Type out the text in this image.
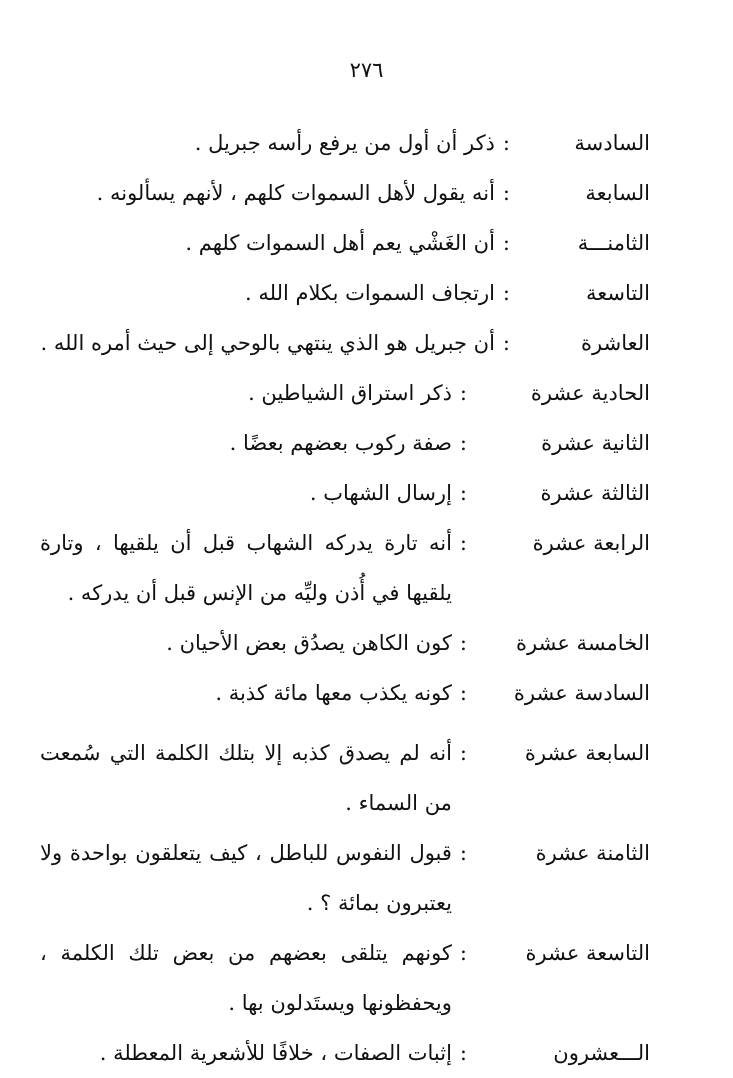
٢٧٦
السادسة
:
ذكر أن أول من يرفع رأسه جبريل .
السابعة
:
أنه يقول لأهل السموات كلهم ، لأنهم يسألونه .
الثامنـــة
:
أن الغَشْي يعم أهل السموات كلهم .
التاسعة
:
ارتجاف السموات بكلام الله .
العاشرة
:
أن جبريل هو الذي ينتهي بالوحي إلى حيث أمره الله .
الحادية عشرة
:
ذكر استراق الشياطين .
الثانية عشرة
:
صفة ركوب بعضهم بعضًا .
الثالثة عشرة
:
إرسال الشهاب .
الرابعة عشرة
:
أنه تارة يدركه الشهاب قبل أن يلقيها ، وتارة يلقيها في أُذن وليِّه من الإنس قبل أن يدركه .
الخامسة عشرة
:
كون الكاهن يصدُق بعض الأحيان .
السادسة عشرة
:
كونه يكذب معها مائة كذبة .
السابعة عشرة
:
أنه لم يصدق كذبه إلا بتلك الكلمة التي سُمعت من السماء .
الثامنة عشرة
:
قبول النفوس للباطل ، كيف يتعلقون بواحدة ولا يعتبرون بمائة ؟ .
التاسعة عشرة
:
كونهم يتلقى بعضهم من بعض تلك الكلمة ، ويحفظونها ويستَدلون بها .
الـــعشرون
:
إثبات الصفات ، خلافًا للأشعرية المعطلة .
